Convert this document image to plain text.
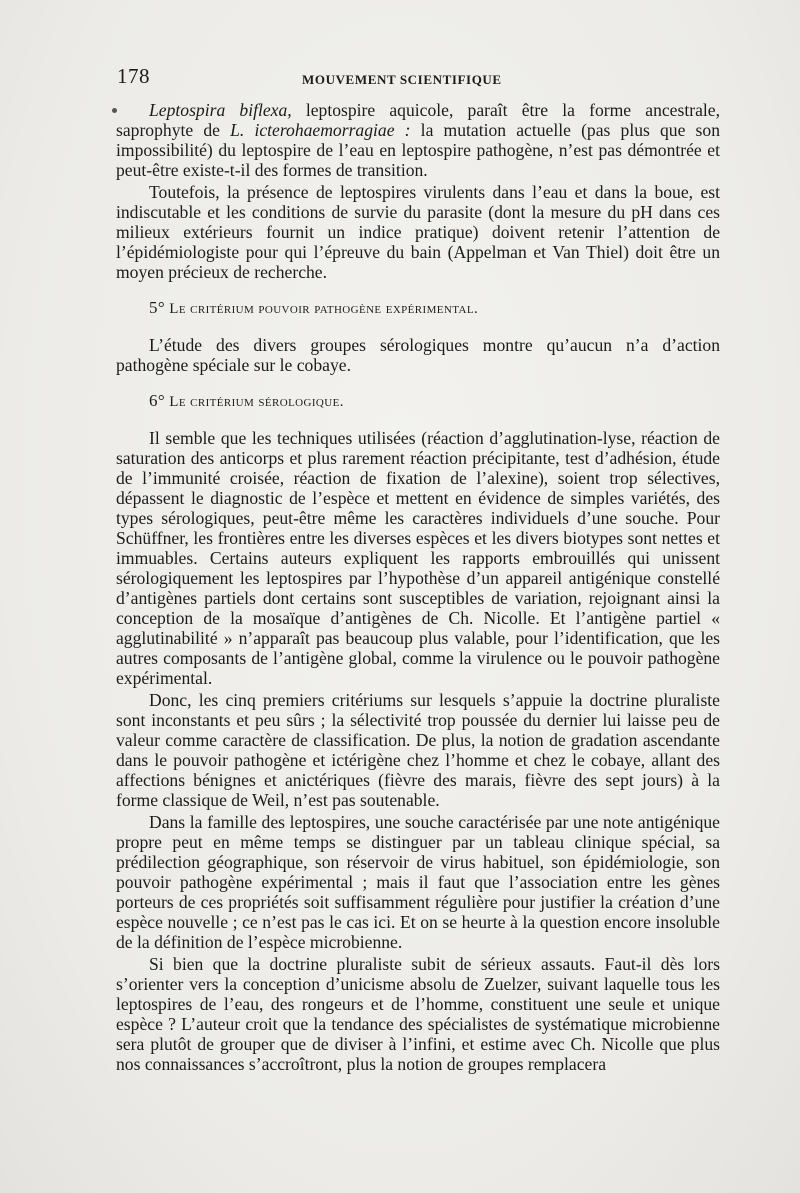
178	MOUVEMENT SCIENTIFIQUE

Leptospira biflexa, leptospire aquicole, paraît être la forme ancestrale, saprophyte de L. icterohaemorragiae : la mutation actuelle (pas plus que son impossibilité) du leptospire de l’eau en leptospire pathogène, n’est pas démontrée et peut-être existe-t-il des formes de transition.

Toutefois, la présence de leptospires virulents dans l’eau et dans la boue, est indiscutable et les conditions de survie du parasite (dont la mesure du pH dans ces milieux extérieurs fournit un indice pratique) doivent retenir l’attention de l’épidémiologiste pour qui l’épreuve du bain (Appelman et Van Thiel) doit être un moyen précieux de recherche.

5° Le critérium pouvoir pathogène expérimental.

L’étude des divers groupes sérologiques montre qu’aucun n’a d’action pathogène spéciale sur le cobaye.

6° Le critérium sérologique.

Il semble que les techniques utilisées (réaction d’agglutination-lyse, réaction de saturation des anticorps et plus rarement réaction précipitante, test d’adhésion, étude de l’immunité croisée, réaction de fixation de l’alexine), soient trop sélectives, dépassent le diagnostic de l’espèce et mettent en évidence de simples variétés, des types sérologiques, peut-être même les caractères individuels d’une souche. Pour Schüffner, les frontières entre les diverses espèces et les divers biotypes sont nettes et immuables. Certains auteurs expliquent les rapports embrouillés qui unissent sérologiquement les leptospires par l’hypothèse d’un appareil antigénique constellé d’antigènes partiels dont certains sont susceptibles de variation, rejoignant ainsi la conception de la mosaïque d’antigènes de Ch. Nicolle. Et l’antigène partiel « agglutinabilité » n’apparaît pas beaucoup plus valable, pour l’identification, que les autres composants de l’antigène global, comme la virulence ou le pouvoir pathogène expérimental.

Donc, les cinq premiers critériums sur lesquels s’appuie la doctrine pluraliste sont inconstants et peu sûrs ; la sélectivité trop poussée du dernier lui laisse peu de valeur comme caractère de classification. De plus, la notion de gradation ascendante dans le pouvoir pathogène et ictérigène chez l’homme et chez le cobaye, allant des affections bénignes et anictériques (fièvre des marais, fièvre des sept jours) à la forme classique de Weil, n’est pas soutenable.

Dans la famille des leptospires, une souche caractérisée par une note antigénique propre peut en même temps se distinguer par un tableau clinique spécial, sa prédilection géographique, son réservoir de virus habituel, son épidémiologie, son pouvoir pathogène expérimental ; mais il faut que l’association entre les gènes porteurs de ces propriétés soit suffisamment régulière pour justifier la création d’une espèce nouvelle ; ce n’est pas le cas ici. Et on se heurte à la question encore insoluble de la définition de l’espèce microbienne.

Si bien que la doctrine pluraliste subit de sérieux assauts. Faut-il dès lors s’orienter vers la conception d’unicisme absolu de Zuelzer, suivant laquelle tous les leptospires de l’eau, des rongeurs et de l’homme, constituent une seule et unique espèce ? L’auteur croit que la tendance des spécialistes de systématique microbienne sera plutôt de grouper que de diviser à l’infini, et estime avec Ch. Nicolle que plus nos connaissances s’accroîtront, plus la notion de groupes remplacera
